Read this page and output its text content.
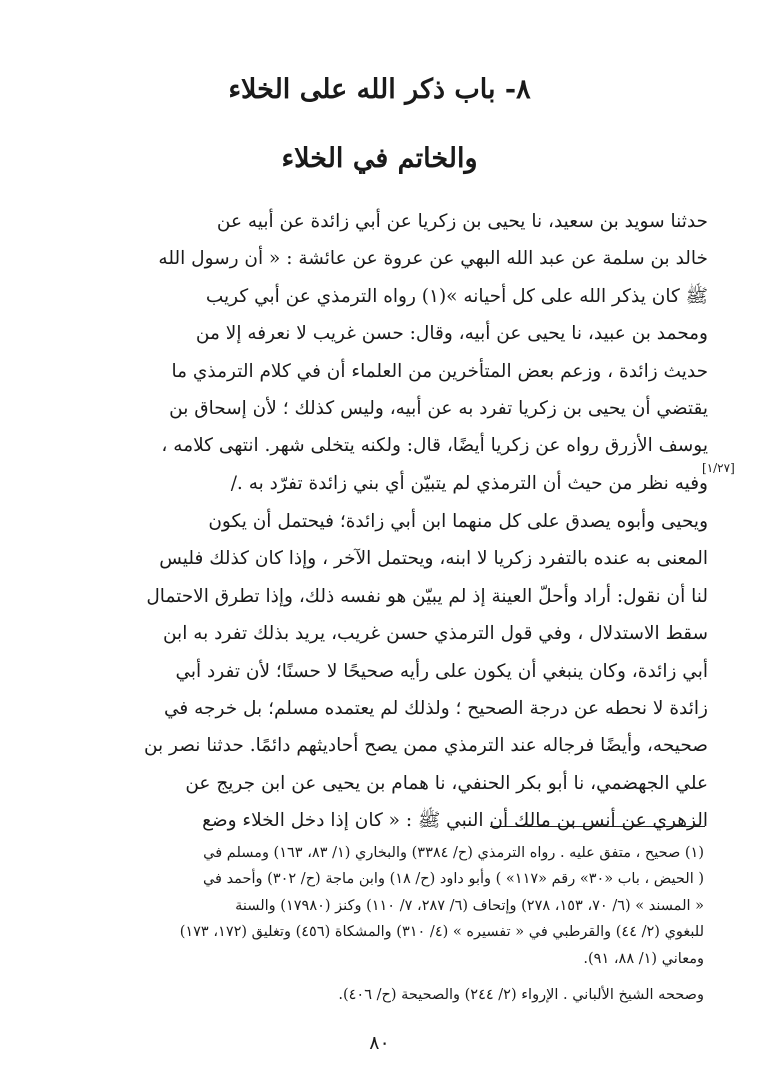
٨- باب ذكر الله على الخلاء
والخاتم في الخلاء
حدثنا سويد بن سعيد، نا يحيى بن زكريا عن أبي زائدة عن أبيه عن
خالد بن سلمة عن عبد الله البهي عن عروة عن عائشة : « أن رسول الله
ﷺ كان يذكر الله على كل أحيانه »(١) رواه الترمذي عن أبي كريب
ومحمد بن عبيد، نا يحيى عن أبيه، وقال: حسن غريب لا نعرفه إلا من
حديث زائدة ، وزعم بعض المتأخرين من العلماء أن في كلام الترمذي ما
يقتضي أن يحيى بن زكريا تفرد به عن أبيه، وليس كذلك ؛ لأن إسحاق بن
يوسف الأزرق رواه عن زكريا أيضًا، قال: ولكنه يتخلى شهر. انتهى كلامه ،
وفيه نظر من حيث أن الترمذي لم يتبيّن أي بني زائدة تفرّد به ./
[١/٢٧]
ويحيى وأبوه يصدق على كل منهما ابن أبي زائدة؛ فيحتمل أن يكون
المعنى به عنده بالتفرد زكريا لا ابنه، ويحتمل الآخر ، وإذا كان كذلك فليس
لنا أن نقول: أراد وأحلّ العينة إذ لم يبيّن هو نفسه ذلك، وإذا تطرق الاحتمال
سقط الاستدلال ، وفي قول الترمذي حسن غريب، يريد بذلك تفرد به ابن
أبي زائدة، وكان ينبغي أن يكون على رأيه صحيحًا لا حسنًا؛ لأن تفرد أبي
زائدة لا نحطه عن درجة الصحيح ؛ ولذلك لم يعتمده مسلم؛ بل خرجه في
صحيحه، وأيضًا فرجاله عند الترمذي ممن يصح أحاديثهم دائمًا. حدثنا نصر بن
علي الجهضمي، نا أبو بكر الحنفي، نا همام بن يحيى عن ابن جريج عن
الزهري عن أنس بن مالك أن النبي ﷺ : « كان إذا دخل الخلاء وضع
(١) صحيح ، متفق عليه . رواه الترمذي (ح/ ٣٣٨٤) والبخاري (١/ ٨٣، ١٦٣) ومسلم في
( الحيض ، باب «٣٠» رقم «١١٧» ) وأبو داود (ح/ ١٨) وابن ماجة (ح/ ٣٠٢) وأحمد في
« المسند » (٦/ ٧٠، ١٥٣، ٢٧٨) وإتحاف (٦/ ٢٨٧، ٧/ ١١٠) وكنز (١٧٩٨٠) والسنة
للبغوي (٢/ ٤٤) والقرطبي في « تفسيره » (٤/ ٣١٠) والمشكاة (٤٥٦) وتغليق (١٧٢، ١٧٣)
ومعاني (١/ ٨٨، ٩١).
وصححه الشيخ الألباني . الإرواء (٢/ ٢٤٤) والصحيحة (ح/ ٤٠٦).
٨٠
